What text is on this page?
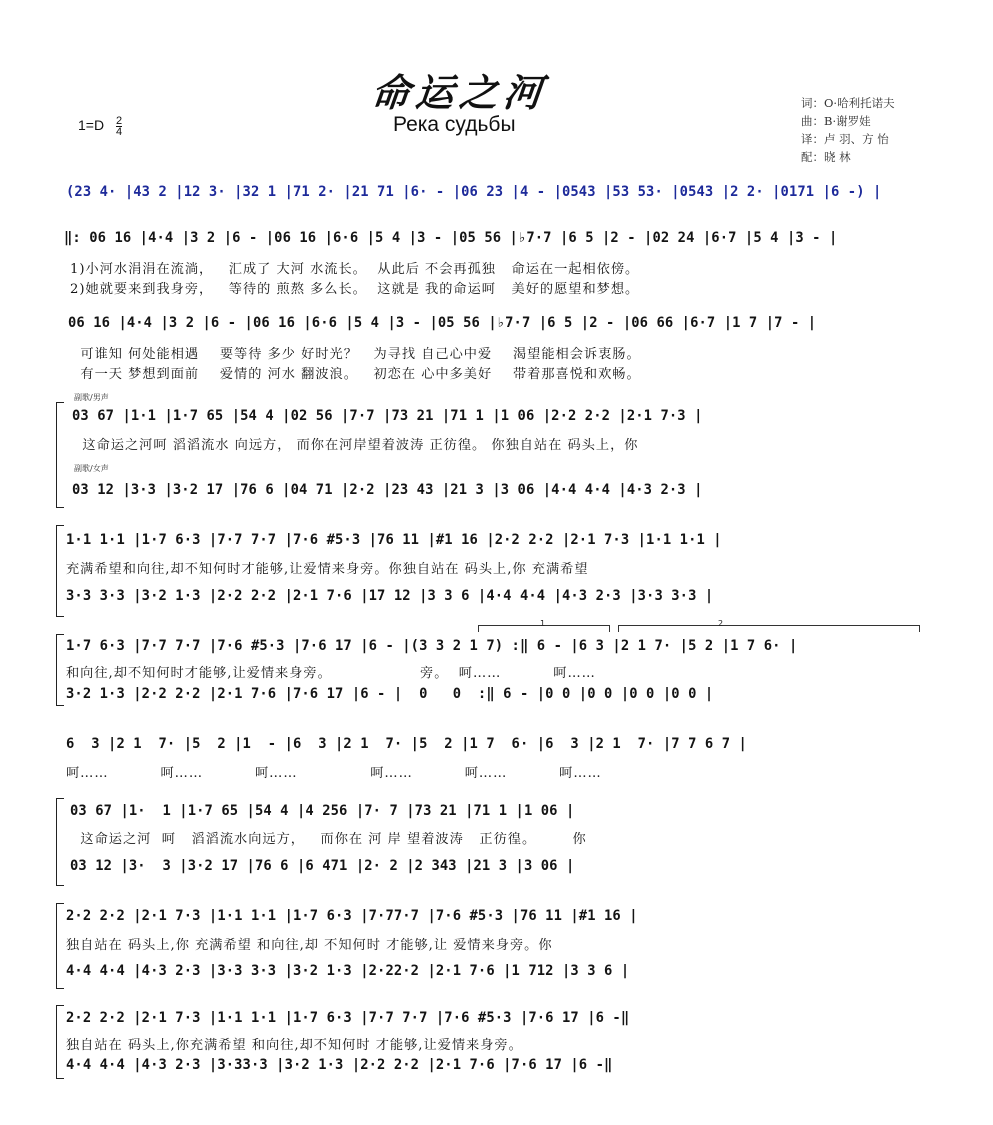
命运之河
Река судьбы
$1=D \frac{2}{4}$
词：O·哈利托诺夫
曲：B·谢罗娃
译：卢 羽、方 怡
配：晓 林
(23 4· |43 2 |12 3· |32 1 |71 2· |21 71 |6· - |06 23 |4 - |0543 |53 53· |0543 |2 2· |0171 |6 -) |
‖: 06 16 |4·4 |3 2 |6 - |06 16 |6·6 |5 4 |3 - |05 56 |♭7·7 |6 5 |2 - |02 24 |6·7 |5 4 |3 - |
1)小河水涓涓在流淌，   汇成了 大河 水流长。  从此后 不会再孤独   命运在一起相依傍。
2)她就要来到我身旁，   等待的 煎熬 多么长。  这就是 我的命运呵   美好的愿望和梦想。
06 16 |4·4 |3 2 |6 - |06 16 |6·6 |5 4 |3 - |05 56 |♭7·7 |6 5 |2 - |06 66 |6·7 |1 7 |7 - |
可谁知 何处能相遇    要等待 多少 好时光？   为寻找 自己心中爱    渴望能相会诉衷肠。
有一天 梦想到面前    爱情的 河水 翻波浪。   初恋在 心中多美好    带着那喜悦和欢畅。
副歌/男声
03 67 |1·1 |1·7 65 |54 4 |02 56 |7·7 |73 21 |71 1 |1 06 |2·2 2·2 |2·1 7·3 |
这命运之河呵 滔滔流水 向远方， 而你在河岸望着波涛 正彷徨。 你独自站在 码头上，你
副歌/女声
03 12 |3·3 |3·2 17 |76 6 |04 71 |2·2 |23 43 |21 3 |3 06 |4·4 4·4 |4·3 2·3 |
1·1 1·1 |1·7 6·3 |7·7 7·7 |7·6 #5·3 |76 11 |#1 16 |2·2 2·2 |2·1 7·3 |1·1 1·1 |
充满希望和向往,却不知何时才能够,让爱情来身旁。你独自站在 码头上,你 充满希望
3·3 3·3 |3·2 1·3 |2·2 2·2 |2·1 7·6 |17 12 |3 3 6 |4·4 4·4 |4·3 2·3 |3·3 3·3 |
1	2
1·7 6·3 |7·7 7·7 |7·6 #5·3 |7·6 17 |6 - |(3 3 2 1 7) :‖ 6 - |6 3 |2 1 7· |5 2 |1 7 6· |
和向往,却不知何时才能够,让爱情来身旁。                 旁。  呵……          呵……
3·2 1·3 |2·2 2·2 |2·1 7·6 |7·6 17 |6 - |  0   0  :‖ 6 - |0 0 |0 0 |0 0 |0 0 |
6  3 |2 1  7· |5  2 |1  - |6  3 |2 1  7· |5  2 |1 7  6· |6  3 |2 1  7· |7 7 6 7 |
呵……          呵……          呵……              呵……          呵……          呵……
03 67 |1·  1 |1·7 65 |54 4 |4 256 |7· 7 |73 21 |71 1 |1 06 |
这命运之河  呵   滔滔流水向远方，   而你在 河 岸 望着波涛   正彷徨。       你
03 12 |3·  3 |3·2 17 |76 6 |6 471 |2· 2 |2 343 |21 3 |3 06 |
2·2 2·2 |2·1 7·3 |1·1 1·1 |1·7 6·3 |7·77·7 |7·6 #5·3 |76 11 |#1 16 |
独自站在 码头上,你 充满希望 和向往,却 不知何时 才能够,让 爱情来身旁。你
4·4 4·4 |4·3 2·3 |3·3 3·3 |3·2 1·3 |2·22·2 |2·1 7·6 |1 712 |3 3 6 |
2·2 2·2 |2·1 7·3 |1·1 1·1 |1·7 6·3 |7·7 7·7 |7·6 #5·3 |7·6 17 |6 -‖
独自站在 码头上,你充满希望 和向往,却不知何时 才能够,让爱情来身旁。
4·4 4·4 |4·3 2·3 |3·33·3 |3·2 1·3 |2·2 2·2 |2·1 7·6 |7·6 17 |6 -‖
